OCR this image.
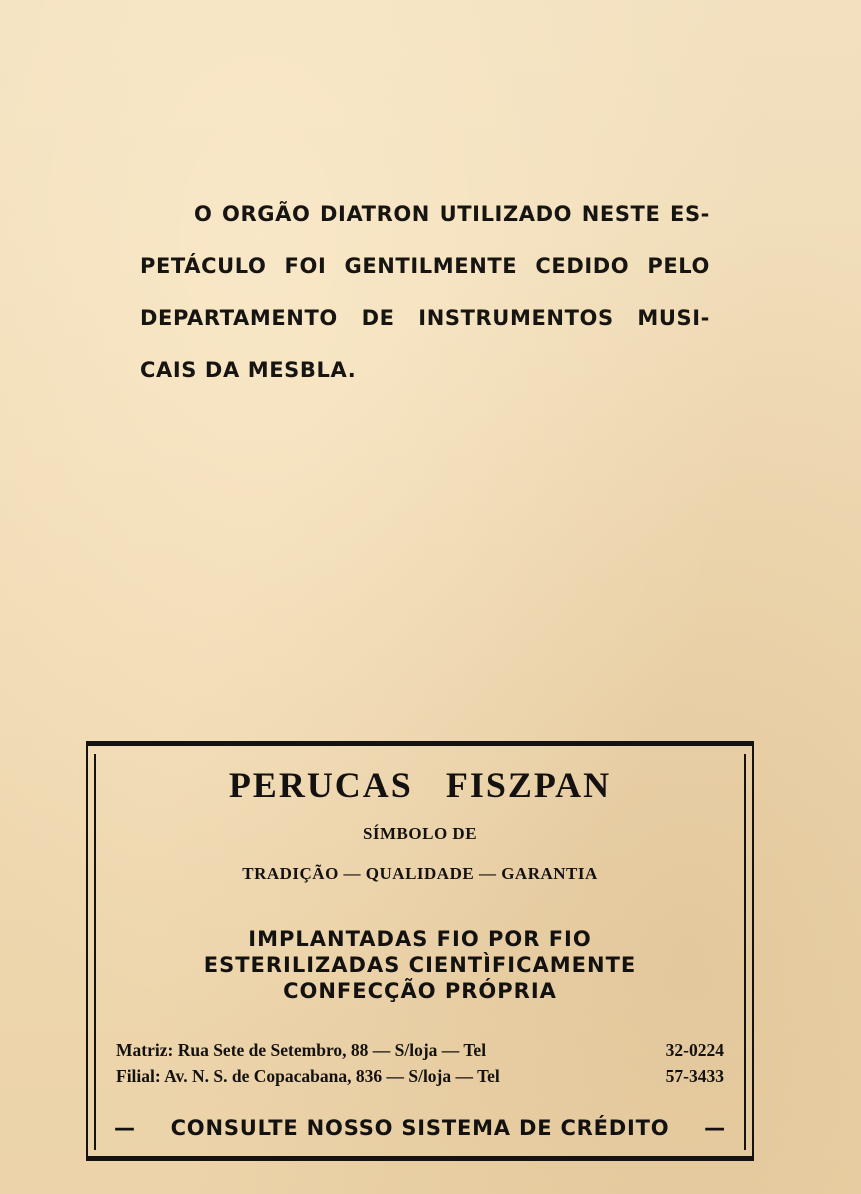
O ORGÃO DIATRON UTILIZADO NESTE ES-
PETÁCULO FOI GENTILMENTE CEDIDO PELO
DEPARTAMENTO DE INSTRUMENTOS MUSI-
CAIS DA MESBLA.
PERUCAS FISZPAN
SÍMBOLO DE
TRADIÇÃO — QUALIDADE — GARANTIA
IMPLANTADAS FIO POR FIO
ESTERILIZADAS CIENTÌFICAMENTE
CONFECÇÃO PRÓPRIA
Matriz: Rua Sete de Setembro, 88 — S/loja — Tel	32-0224
Filial: Av. N. S. de Copacabana, 836 — S/loja — Tel	57-3433
— CONSULTE NOSSO SISTEMA DE CRÉDITO —
